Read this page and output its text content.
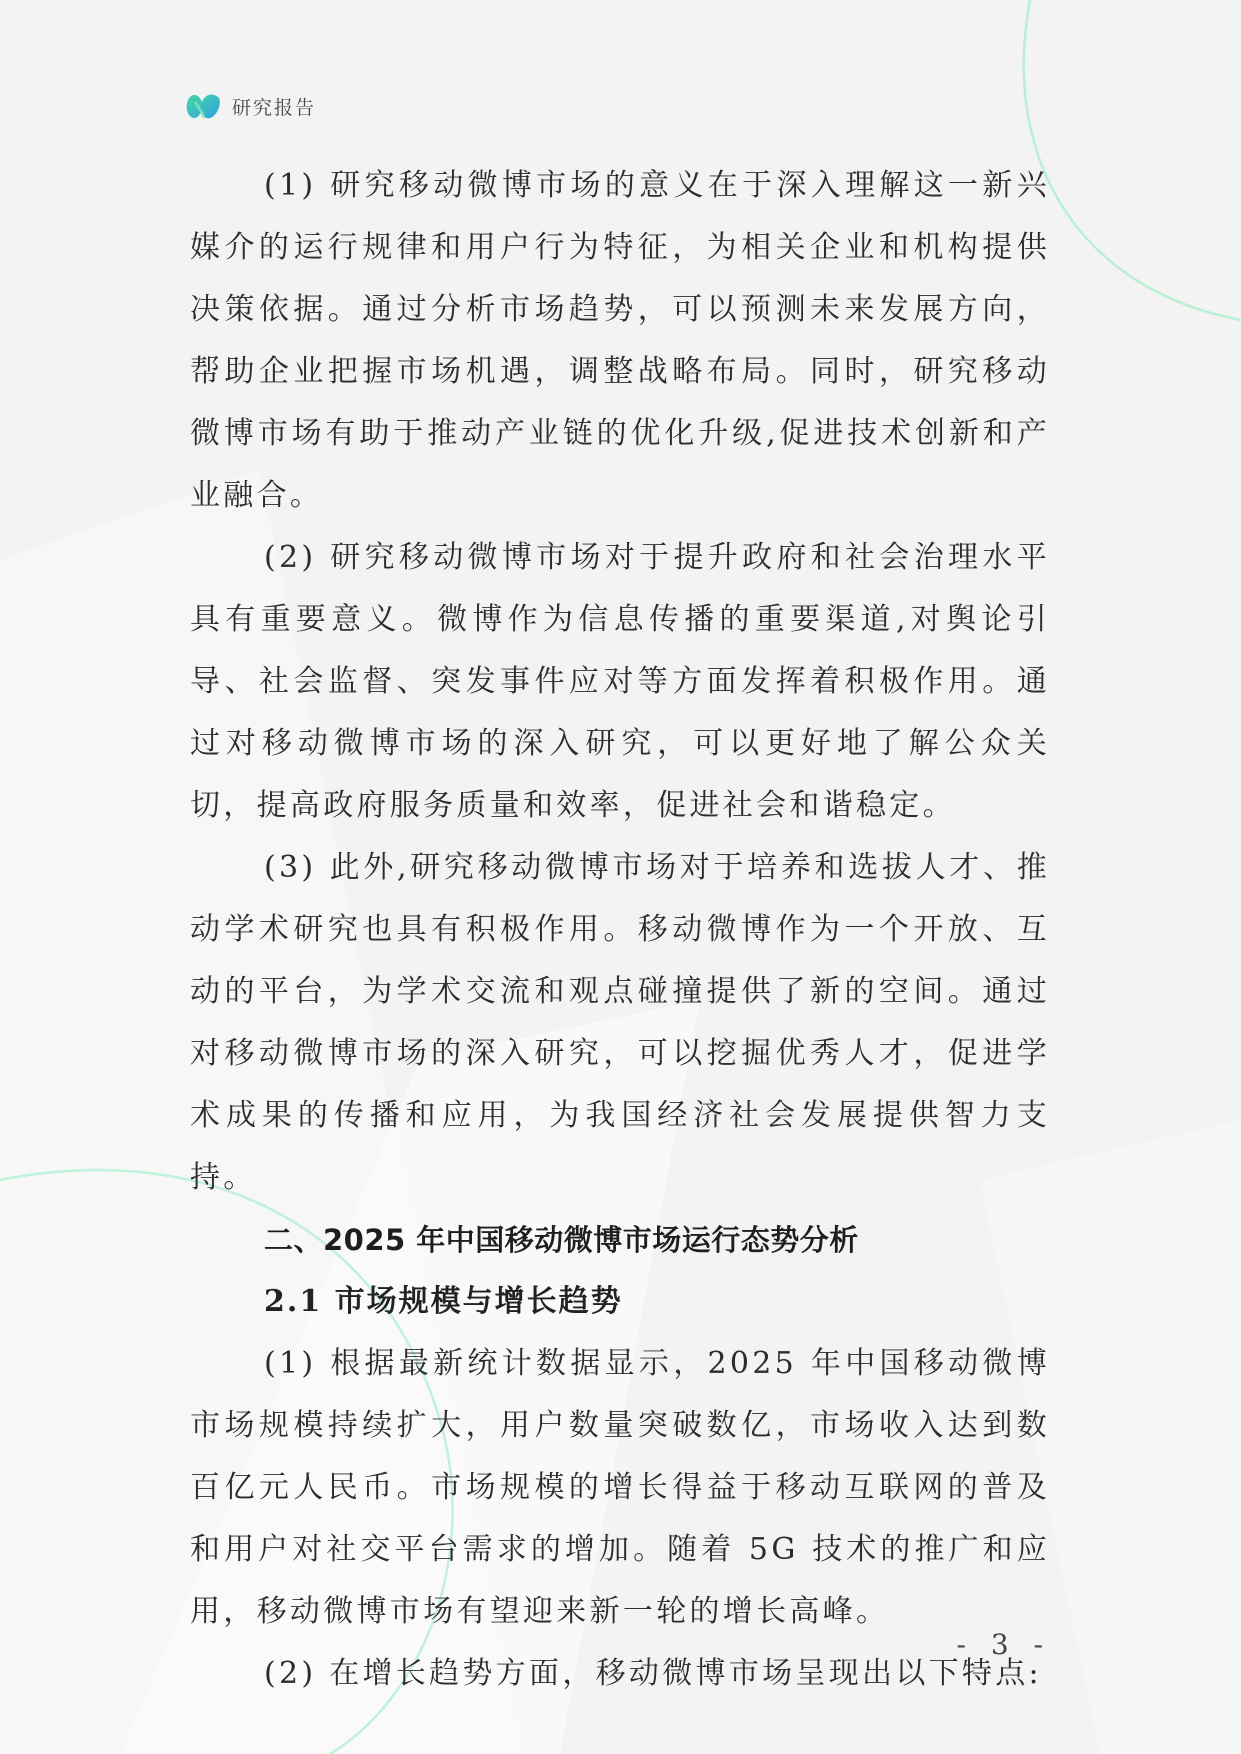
研究报告

(1) 研究移动微博市场的意义在于深入理解这一新兴媒介的运行规律和用户行为特征，为相关企业和机构提供决策依据。通过分析市场趋势，可以预测未来发展方向，帮助企业把握市场机遇，调整战略布局。同时，研究移动微博市场有助于推动产业链的优化升级,促进技术创新和产业融合。

(2) 研究移动微博市场对于提升政府和社会治理水平具有重要意义。微博作为信息传播的重要渠道,对舆论引导、社会监督、突发事件应对等方面发挥着积极作用。通过对移动微博市场的深入研究，可以更好地了解公众关切，提高政府服务质量和效率，促进社会和谐稳定。

(3) 此外,研究移动微博市场对于培养和选拔人才、推动学术研究也具有积极作用。移动微博作为一个开放、互动的平台，为学术交流和观点碰撞提供了新的空间。通过对移动微博市场的深入研究，可以挖掘优秀人才，促进学术成果的传播和应用，为我国经济社会发展提供智力支持。

二、2025 年中国移动微博市场运行态势分析
2.1 市场规模与增长趋势

(1) 根据最新统计数据显示，2025 年中国移动微博市场规模持续扩大，用户数量突破数亿，市场收入达到数百亿元人民币。市场规模的增长得益于移动互联网的普及和用户对社交平台需求的增加。随着 5G 技术的推广和应用，移动微博市场有望迎来新一轮的增长高峰。

(2) 在增长趋势方面，移动微博市场呈现出以下特点:

- 3 -
